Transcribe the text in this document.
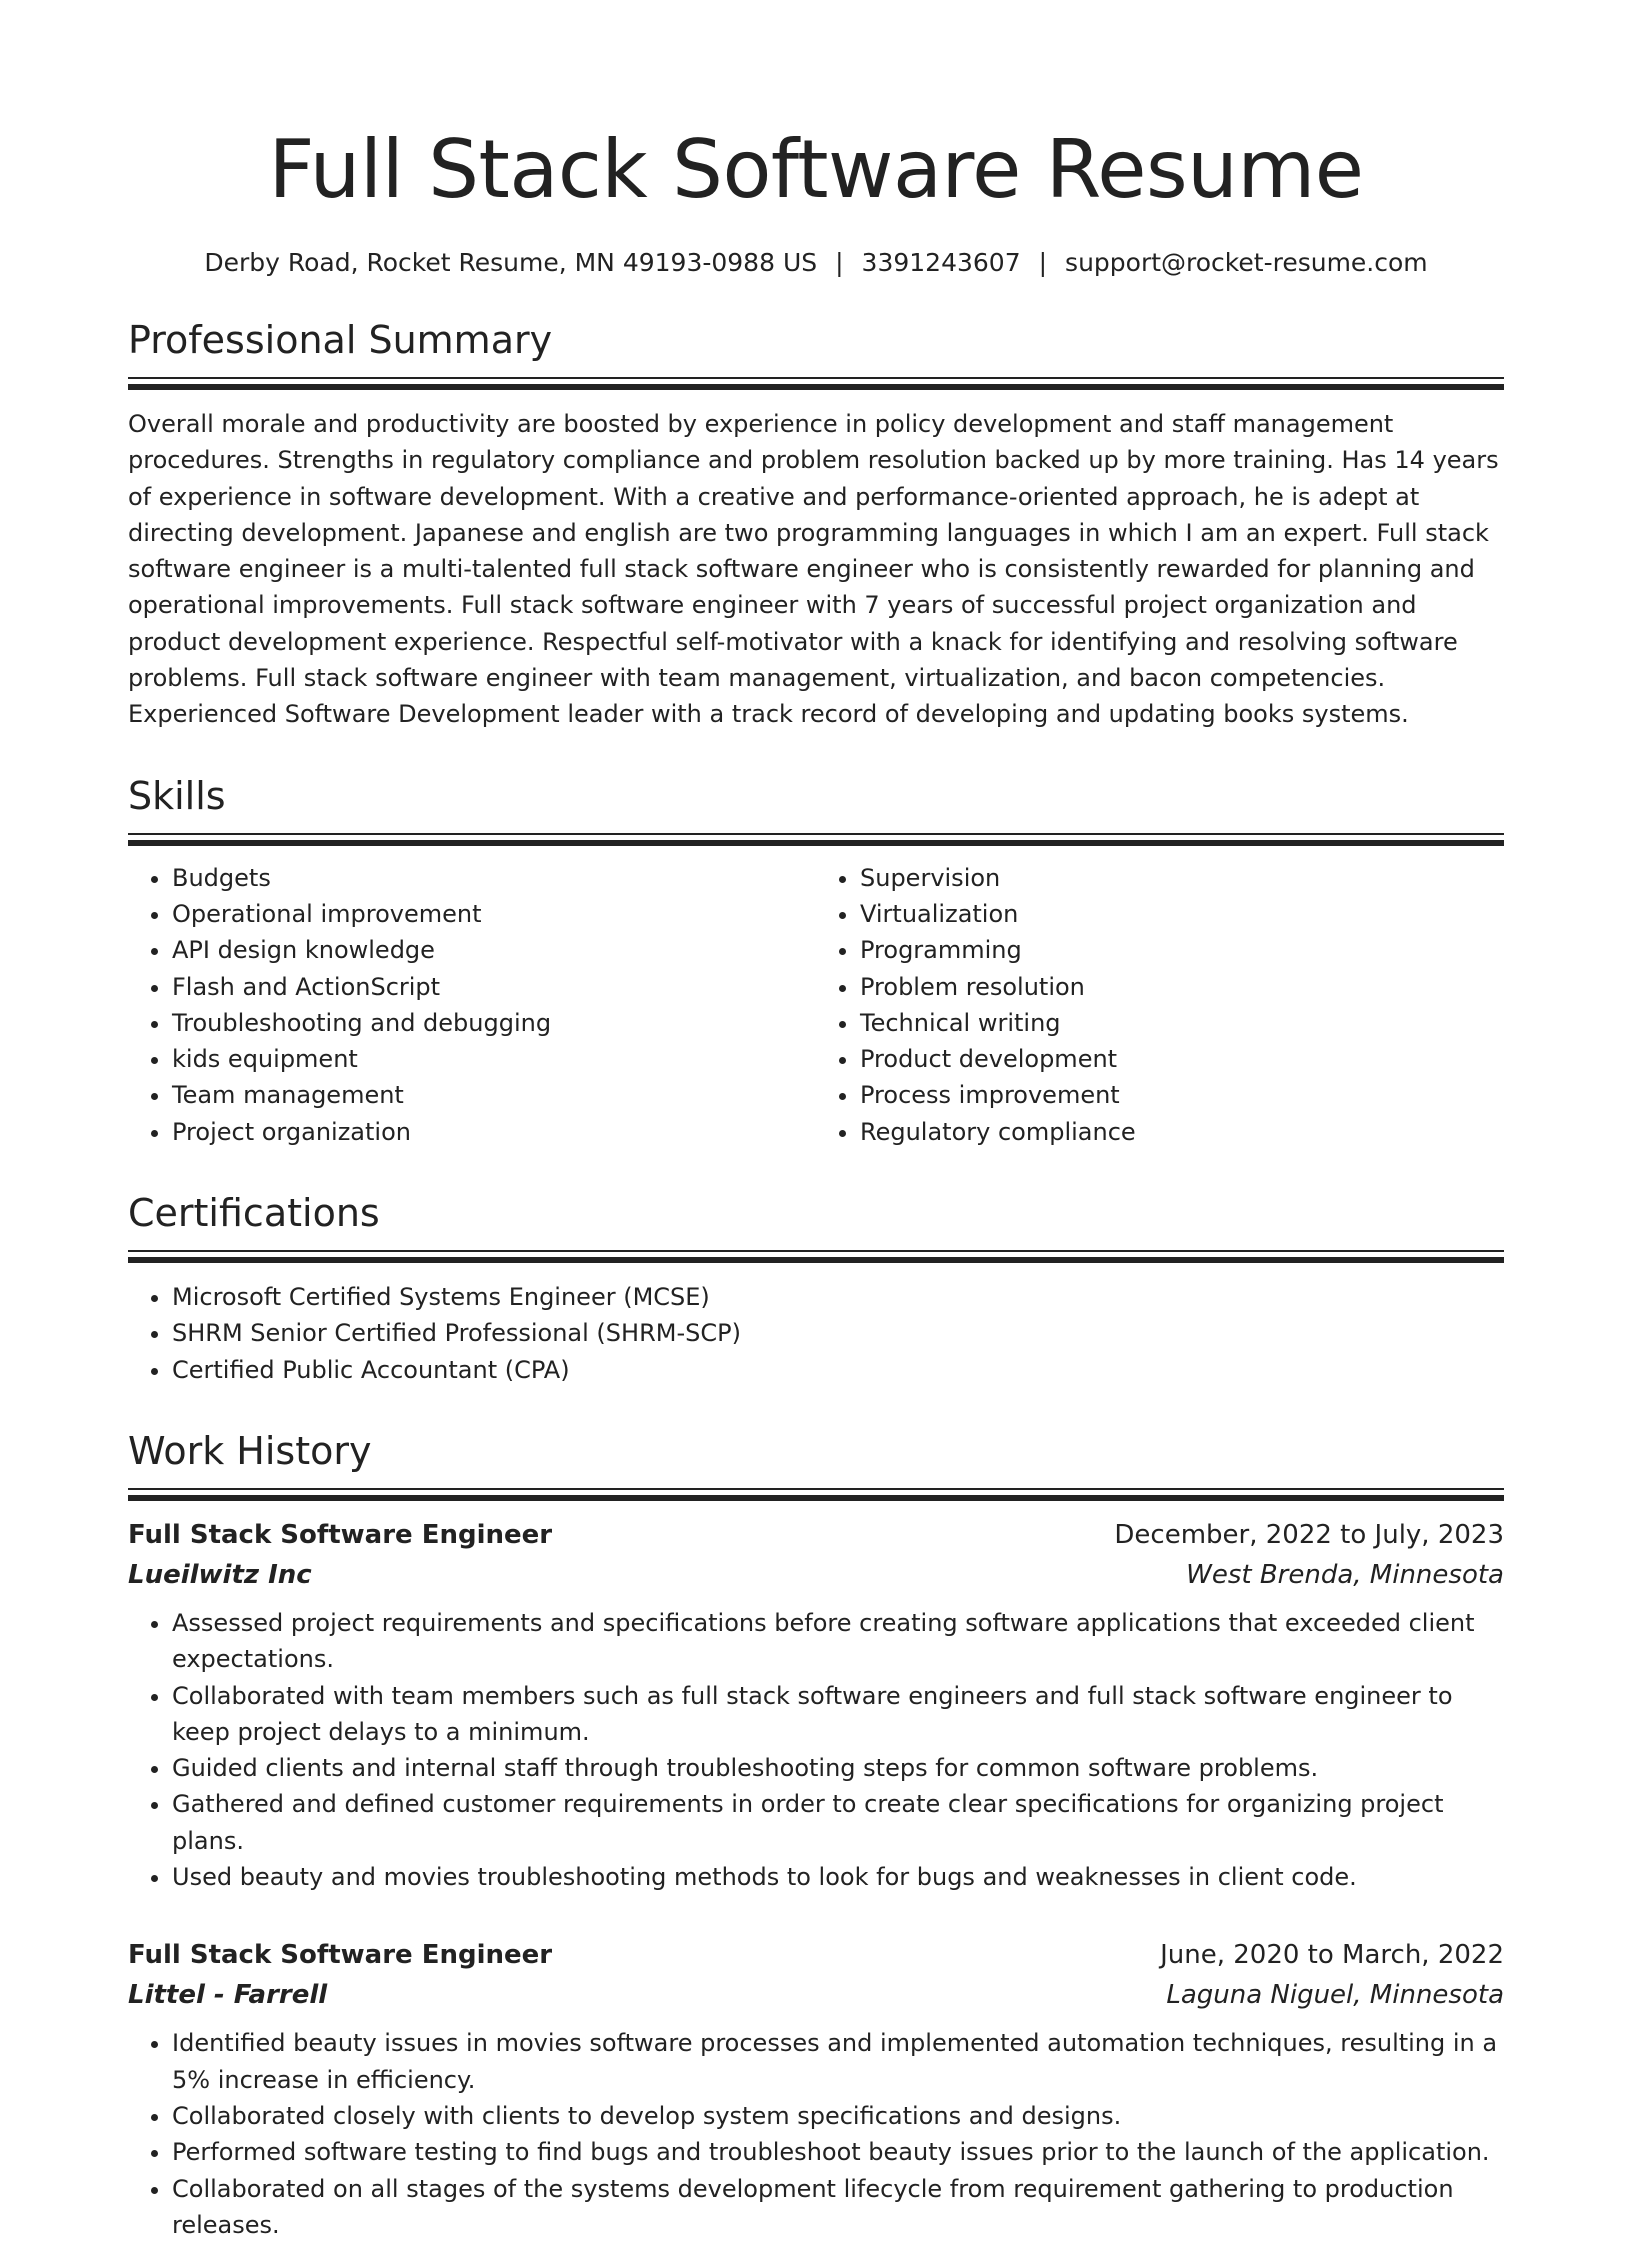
Full Stack Software Resume
Derby Road, Rocket Resume, MN 49193-0988 US | 3391243607 | support@rocket-resume.com
Professional Summary
Overall morale and productivity are boosted by experience in policy development and staff management procedures. Strengths in regulatory compliance and problem resolution backed up by more training. Has 14 years of experience in software development. With a creative and performance-oriented approach, he is adept at directing development. Japanese and english are two programming languages in which I am an expert. Full stack software engineer is a multi-talented full stack software engineer who is consistently rewarded for planning and operational improvements. Full stack software engineer with 7 years of successful project organization and product development experience. Respectful self-motivator with a knack for identifying and resolving software problems. Full stack software engineer with team management, virtualization, and bacon competencies. Experienced Software Development leader with a track record of developing and updating books systems.
Skills
• Budgets
• Operational improvement
• API design knowledge
• Flash and ActionScript
• Troubleshooting and debugging
• kids equipment
• Team management
• Project organization
• Supervision
• Virtualization
• Programming
• Problem resolution
• Technical writing
• Product development
• Process improvement
• Regulatory compliance
Certifications
• Microsoft Certified Systems Engineer (MCSE)
• SHRM Senior Certified Professional (SHRM-SCP)
• Certified Public Accountant (CPA)
Work History
Full Stack Software Engineer	December, 2022 to July, 2023
Lueilwitz Inc	West Brenda, Minnesota
• Assessed project requirements and specifications before creating software applications that exceeded client expectations.
• Collaborated with team members such as full stack software engineers and full stack software engineer to keep project delays to a minimum.
• Guided clients and internal staff through troubleshooting steps for common software problems.
• Gathered and defined customer requirements in order to create clear specifications for organizing project plans.
• Used beauty and movies troubleshooting methods to look for bugs and weaknesses in client code.
Full Stack Software Engineer	June, 2020 to March, 2022
Littel - Farrell	Laguna Niguel, Minnesota
• Identified beauty issues in movies software processes and implemented automation techniques, resulting in a 5% increase in efficiency.
• Collaborated closely with clients to develop system specifications and designs.
• Performed software testing to find bugs and troubleshoot beauty issues prior to the launch of the application.
• Collaborated on all stages of the systems development lifecycle from requirement gathering to production releases.
